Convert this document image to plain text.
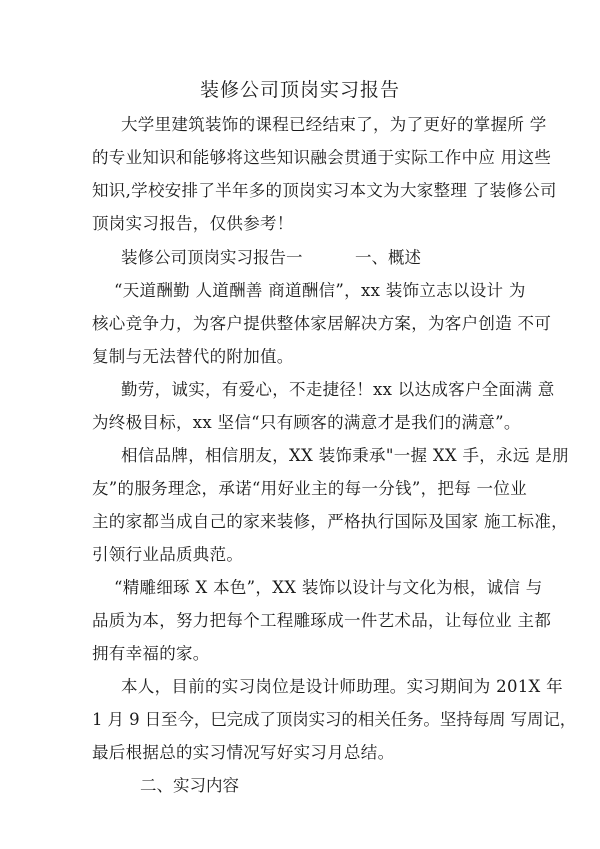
装修公司顶岗实习报告
大学里建筑装饰的课程已经结束了，为了更好的掌握所 学
的专业知识和能够将这些知识融会贯通于实际工作中应 用这些
知识,学校安排了半年多的顶岗实习本文为大家整理 了装修公司
顶岗实习报告，仅供参考！
装修公司顶岗实习报告一	一、概述
“天道酬勤 人道酬善 商道酬信”，xx 装饰立志以设计 为
核心竞争力，为客户提供整体家居解决方案，为客户创造 不可
复制与无法替代的附加值。
勤劳，诚实，有爱心，不走捷径！xx 以达成客户全面满 意
为终极目标，xx 坚信“只有顾客的满意才是我们的满意”。
相信品牌，相信朋友，XX 装饰秉承"一握 XX 手，永远 是朋
友”的服务理念，承诺“用好业主的每一分钱”，把每 一位业
主的家都当成自己的家来装修，严格执行国际及国家 施工标准，
引领行业品质典范。
“精雕细琢 X 本色”，XX 装饰以设计与文化为根，诚信 与
品质为本，努力把每个工程雕琢成一件艺术品，让每位业 主都
拥有幸福的家。
本人，目前的实习岗位是设计师助理。实习期间为 201X 年
1 月 9 日至今，巳完成了顶岗实习的相关任务。坚持每周 写周记，
最后根据总的实习情况写好实习月总结。
二、实习内容
